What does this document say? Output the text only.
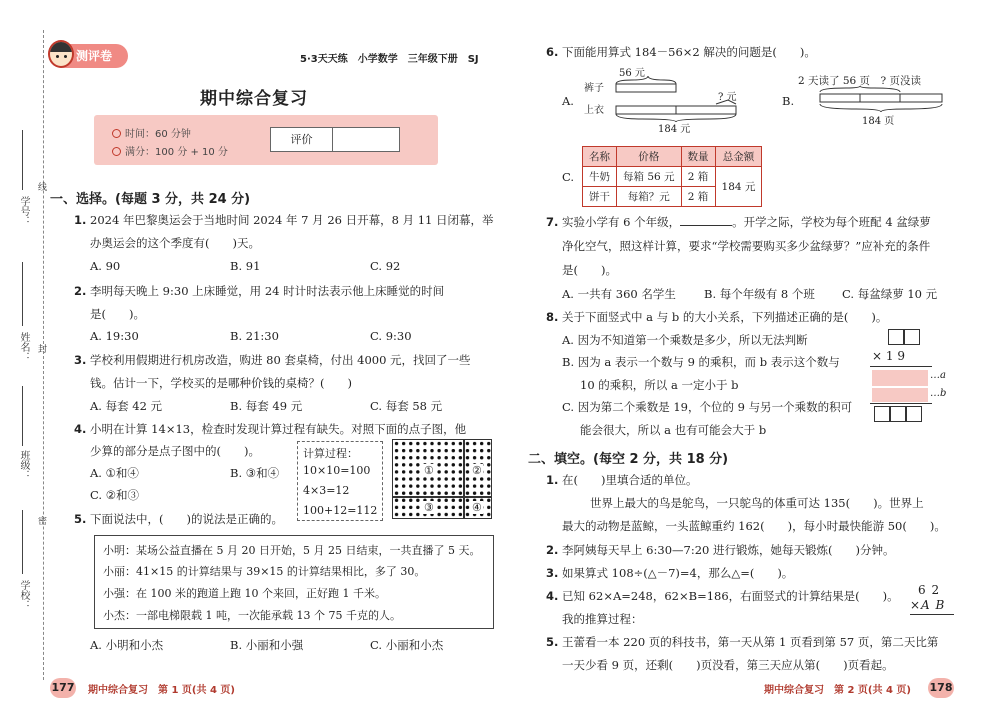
学号：
姓名：
班级：
学校：
线
封
密
测评卷	5·3天天练　小学数学　三年级下册　SJ
期中综合复习
时间：60 分钟
满分：100 分 + 10 分
评价
一、选择。(每题 3 分，共 24 分)
1. 2024 年巴黎奥运会于当地时间 2024 年 7 月 26 日开幕，8 月 11 日闭幕，举
办奥运会的这个季度有(　　)天。
A. 90	B. 91	C. 92
2. 李明每天晚上 9:30 上床睡觉，用 24 时计时法表示他上床睡觉的时间
是(　　)。
A. 19:30	B. 21:30	C. 9:30
3. 学校利用假期进行机房改造，购进 80 套桌椅，付出 4000 元，找回了一些
钱。估计一下，学校买的是哪种价钱的桌椅？(　　)
A. 每套 42 元	B. 每套 49 元	C. 每套 58 元
4. 小明在计算 14×13，检查时发现计算过程有缺失。对照下面的点子图，他
少算的部分是点子图中的(　　)。
A. ①和④	B. ③和④
C. ②和③
计算过程：
10×10=100
4×3=12
100+12=112
①	②
③	④
5. 下面说法中，(　　)的说法是正确的。
小明：某场公益直播在 5 月 20 日开始，5 月 25 日结束，一共直播了 5 天。
小丽：41×15 的计算结果与 39×15 的计算结果相比，多了 30。
小强：在 100 米的跑道上跑 10 个来回，正好跑 1 千米。
小杰：一部电梯限载 1 吨，一次能承载 13 个 75 千克的人。
A. 小明和小杰	B. 小丽和小强	C. 小丽和小杰
177 期中综合复习　第 1 页(共 4 页)
6. 下面能用算式 184－56×2 解决的问题是(　　)。
A.
裤子
上衣
56 元
? 元
184 元
B.
2 天读了 56 页　? 页没读
184 页
C.
名称	价格	数量	总金额
牛奶	每箱 56 元	2 箱	184 元
饼干	每箱？元	2 箱	
7. 实验小学有 6 个年级，	。开学之际，学校为每个班配 4 盆绿萝
净化空气，照这样计算，要求“学校需要购买多少盆绿萝？”应补充的条件
是(　　)。
A. 一共有 360 名学生 B. 每个年级有 8 个班 C. 每盆绿萝 10 元
8. 关于下面竖式中 a 与 b 的大小关系，下列描述正确的是(　　)。
A. 因为不知道第一个乘数是多少，所以无法判断
B. 因为 a 表示一个数与 9 的乘积，而 b 表示这个数与
10 的乘积，所以 a 一定小于 b
C. 因为第二个乘数是 19，个位的 9 与另一个乘数的积可
能会很大，所以 a 也有可能会大于 b
× 1 9
…a
…b
二、填空。(每空 2 分，共 18 分)
1. 在(　　)里填合适的单位。
世界上最大的鸟是鸵鸟，一只鸵鸟的体重可达 135(　　)。世界上
最大的动物是蓝鲸，一头蓝鲸重约 162(　　)，每小时最快能游 50(　　)。
2. 李阿姨每天早上 6:30—7:20 进行锻炼，她每天锻炼(　　)分钟。
3. 如果算式 108÷(△－7)=4，那么△=(　　)。
4. 已知 62×A=248，62×B=186，右面竖式的计算结果是(　　)。
我的推算过程：
6 2
×A B
5. 王蕾看一本 220 页的科技书，第一天从第 1 页看到第 57 页，第二天比第
一天少看 9 页，还剩(　　)页没看，第三天应从第(　　)页看起。
期中综合复习　第 2 页(共 4 页) 178
